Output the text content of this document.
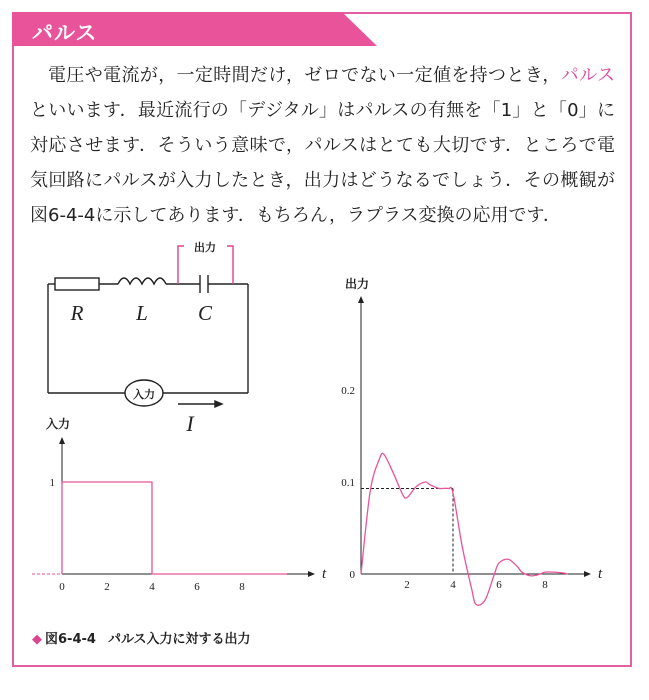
パルス

電圧や電流が，一定時間だけ，ゼロでない一定値を持つとき，パルスといいます．最近流行の「デジタル」はパルスの有無を「1」と「0」に対応させます．そういう意味で，パルスはとても大切です．ところで電気回路にパルスが入力したとき，出力はどうなるでしょう．その概観が図6-4-4に示してあります．もちろん，ラプラス変換の応用です．

出力
R	L C
入力
I
0	2	4	6	8
1
入力
t
2	4	6	8
0
0.1
0.2
出力
t
◆ 図6-4-4 パルス入力に対する出力
